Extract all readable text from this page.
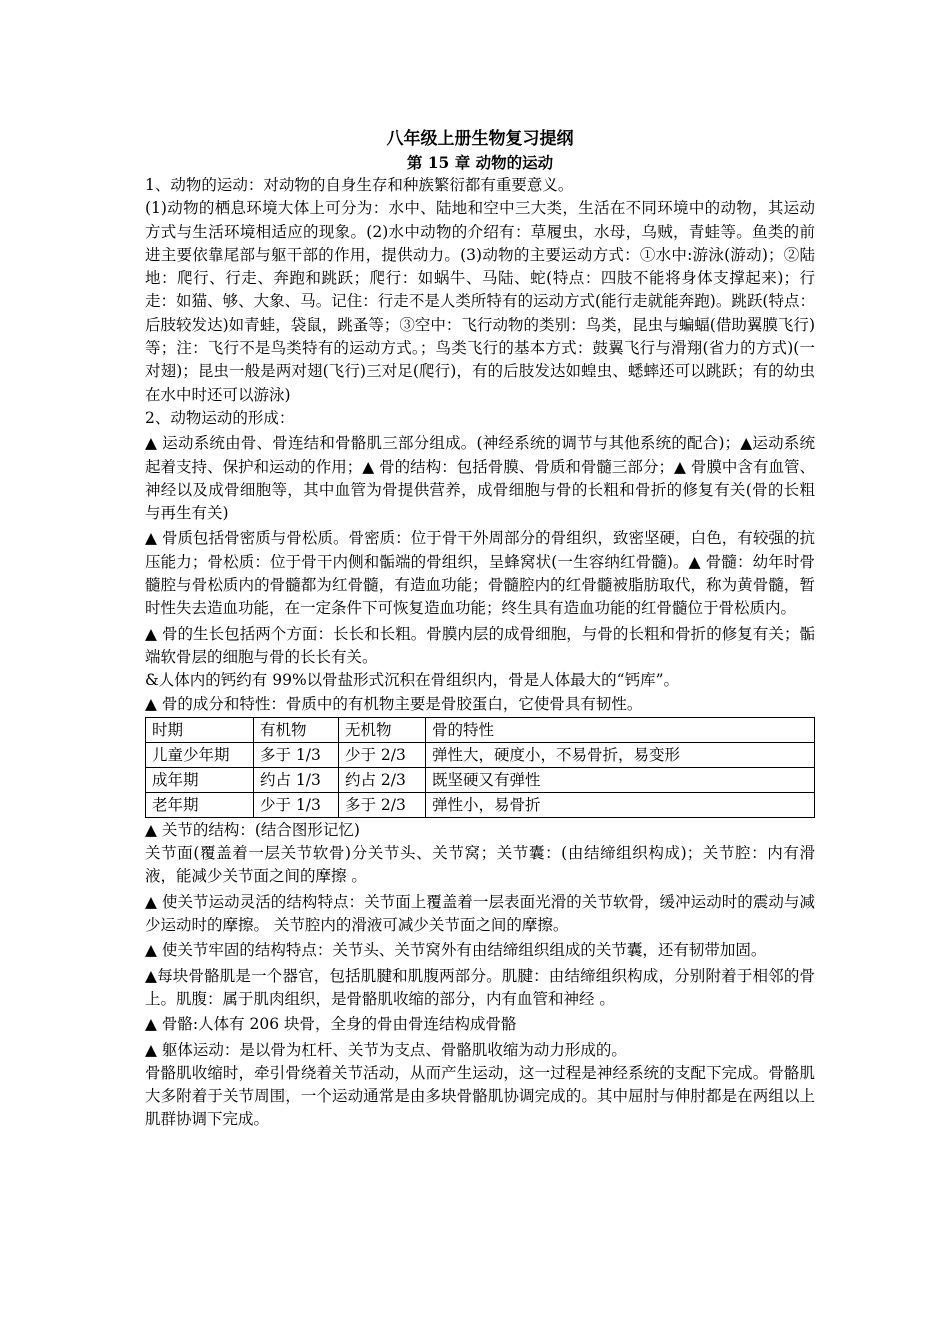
八年级上册生物复习提纲

第 15 章 动物的运动

1、动物的运动：对动物的自身生存和种族繁衍都有重要意义。

(1)动物的栖息环境大体上可分为：水中、陆地和空中三大类，生活在不同环境中的动物，其运动方式与生活环境相适应的现象。(2)水中动物的介绍有：草履虫，水母，乌贼，青蛙等。鱼类的前进主要依靠尾部与躯干部的作用，提供动力。(3)动物的主要运动方式：①水中:游泳(游动)；②陆地：爬行、行走、奔跑和跳跃；爬行：如蜗牛、马陆、蛇(特点：四肢不能将身体支撑起来)；行走：如猫、够、大象、马。记住：行走不是人类所特有的运动方式(能行走就能奔跑)。跳跃(特点：后肢较发达)如青蛙，袋鼠，跳蚤等；③空中：飞行动物的类别：鸟类，昆虫与蝙蝠(借助翼膜飞行)等；注：飞行不是鸟类特有的运动方式。；鸟类飞行的基本方式：鼓翼飞行与滑翔(省力的方式)(一对翅)；昆虫一般是两对翅(飞行)三对足(爬行)，有的后肢发达如蝗虫、蟋蟀还可以跳跃；有的幼虫在水中时还可以游泳)

2、动物运动的形成：

▲ 运动系统由骨、骨连结和骨骼肌三部分组成。(神经系统的调节与其他系统的配合)；▲运动系统起着支持、保护和运动的作用；▲ 骨的结构：包括骨膜、骨质和骨髓三部分；▲ 骨膜中含有血管、神经以及成骨细胞等，其中血管为骨提供营养，成骨细胞与骨的长粗和骨折的修复有关(骨的长粗与再生有关)

▲ 骨质包括骨密质与骨松质。骨密质：位于骨干外周部分的骨组织，致密坚硬，白色，有较强的抗压能力；骨松质：位于骨干内侧和骺端的骨组织，呈蜂窝状(一生容纳红骨髓)。▲ 骨髓：幼年时骨髓腔与骨松质内的骨髓都为红骨髓，有造血功能；骨髓腔内的红骨髓被脂肪取代，称为黄骨髓，暂时性失去造血功能，在一定条件下可恢复造血功能；终生具有造血功能的红骨髓位于骨松质内。

▲ 骨的生长包括两个方面：长长和长粗。骨膜内层的成骨细胞，与骨的长粗和骨折的修复有关；骺端软骨层的细胞与骨的长长有关。

&人体内的钙约有 99%以骨盐形式沉积在骨组织内，骨是人体最大的“钙库”。

▲ 骨的成分和特性：骨质中的有机物主要是骨胶蛋白，它使骨具有韧性。

时期	有机物	无机物	骨的特性
儿童少年期	多于 1/3	少于 2/3	弹性大，硬度小，不易骨折，易变形
成年期	约占 1/3	约占 2/3	既坚硬又有弹性
老年期	少于 1/3	多于 2/3	弹性小，易骨折

▲ 关节的结构：(结合图形记忆)

关节面(覆盖着一层关节软骨)分关节头、关节窝；关节囊：(由结缔组织构成)；关节腔：内有滑液，能减少关节面之间的摩擦 。

▲ 使关节运动灵活的结构特点：关节面上覆盖着一层表面光滑的关节软骨，缓冲运动时的震动与减少运动时的摩擦。 关节腔内的滑液可减少关节面之间的摩擦。

▲ 使关节牢固的结构特点：关节头、关节窝外有由结缔组织组成的关节囊，还有韧带加固。

▲每块骨骼肌是一个器官，包括肌腱和肌腹两部分。肌腱：由结缔组织构成，分别附着于相邻的骨上。肌腹：属于肌肉组织，是骨骼肌收缩的部分，内有血管和神经 。

▲ 骨骼:人体有 206 块骨，全身的骨由骨连结构成骨骼

▲ 躯体运动：是以骨为杠杆、关节为支点、骨骼肌收缩为动力形成的。

骨骼肌收缩时，牵引骨绕着关节活动，从而产生运动，这一过程是神经系统的支配下完成。骨骼肌大多附着于关节周围，一个运动通常是由多块骨骼肌协调完成的。其中屈肘与伸肘都是在两组以上肌群协调下完成。
